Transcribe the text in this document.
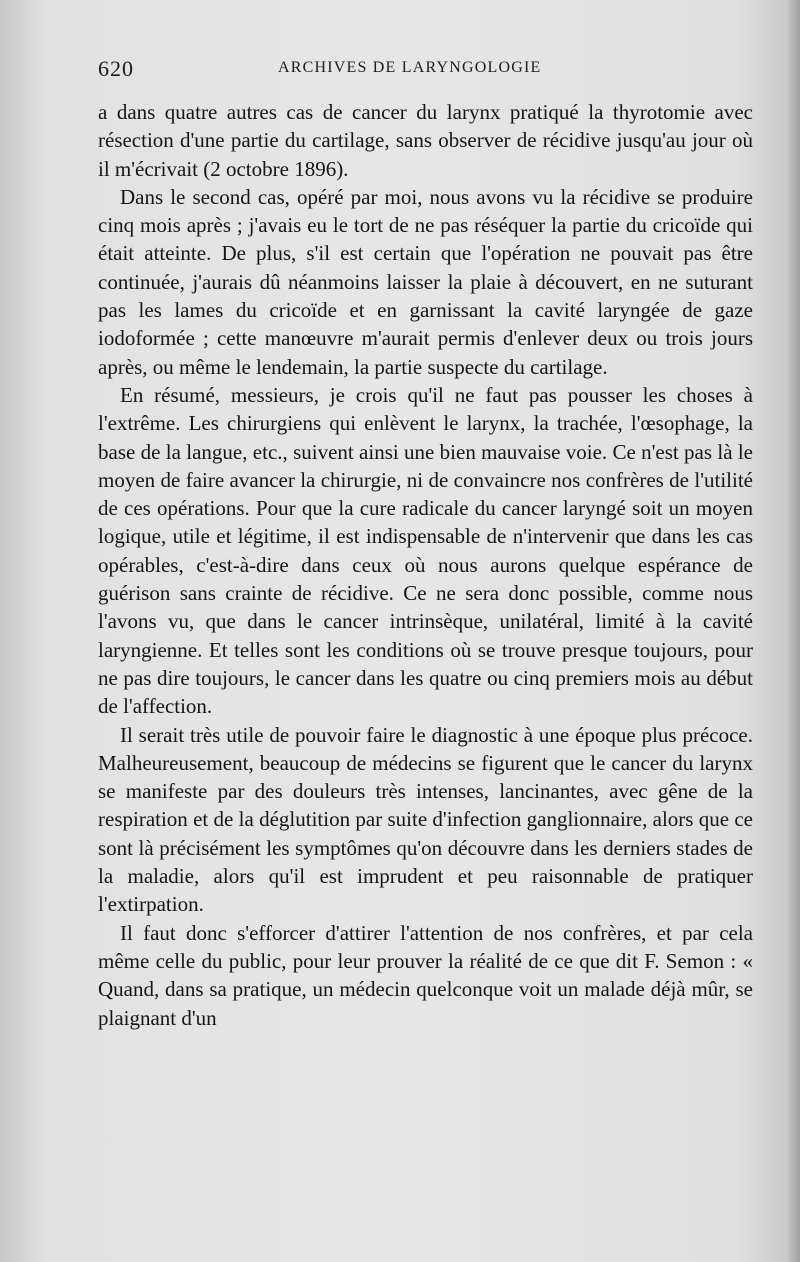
620	ARCHIVES DE LARYNGOLOGIE

a dans quatre autres cas de cancer du larynx pratiqué la thyrotomie avec résection d'une partie du cartilage, sans observer de récidive jusqu'au jour où il m'écrivait (2 octobre 1896).

Dans le second cas, opéré par moi, nous avons vu la récidive se produire cinq mois après ; j'avais eu le tort de ne pas réséquer la partie du cricoïde qui était atteinte. De plus, s'il est certain que l'opération ne pouvait pas être continuée, j'aurais dû néanmoins laisser la plaie à découvert, en ne suturant pas les lames du cricoïde et en garnissant la cavité laryngée de gaze iodoformée ; cette manœuvre m'aurait permis d'enlever deux ou trois jours après, ou même le lendemain, la partie suspecte du cartilage.

En résumé, messieurs, je crois qu'il ne faut pas pousser les choses à l'extrême. Les chirurgiens qui enlèvent le larynx, la trachée, l'œsophage, la base de la langue, etc., suivent ainsi une bien mauvaise voie. Ce n'est pas là le moyen de faire avancer la chirurgie, ni de convaincre nos confrères de l'utilité de ces opérations. Pour que la cure radicale du cancer laryngé soit un moyen logique, utile et légitime, il est indispensable de n'intervenir que dans les cas opérables, c'est-à-dire dans ceux où nous aurons quelque espérance de guérison sans crainte de récidive. Ce ne sera donc possible, comme nous l'avons vu, que dans le cancer intrinsèque, unilatéral, limité à la cavité laryngienne. Et telles sont les conditions où se trouve presque toujours, pour ne pas dire toujours, le cancer dans les quatre ou cinq premiers mois au début de l'affection.

Il serait très utile de pouvoir faire le diagnostic à une époque plus précoce. Malheureusement, beaucoup de médecins se figurent que le cancer du larynx se manifeste par des douleurs très intenses, lancinantes, avec gêne de la respiration et de la déglutition par suite d'infection ganglionnaire, alors que ce sont là précisément les symptômes qu'on découvre dans les derniers stades de la maladie, alors qu'il est imprudent et peu raisonnable de pratiquer l'extirpation.

Il faut donc s'efforcer d'attirer l'attention de nos confrères, et par cela même celle du public, pour leur prouver la réalité de ce que dit F. Semon : « Quand, dans sa pratique, un médecin quelconque voit un malade déjà mûr, se plaignant d'un
